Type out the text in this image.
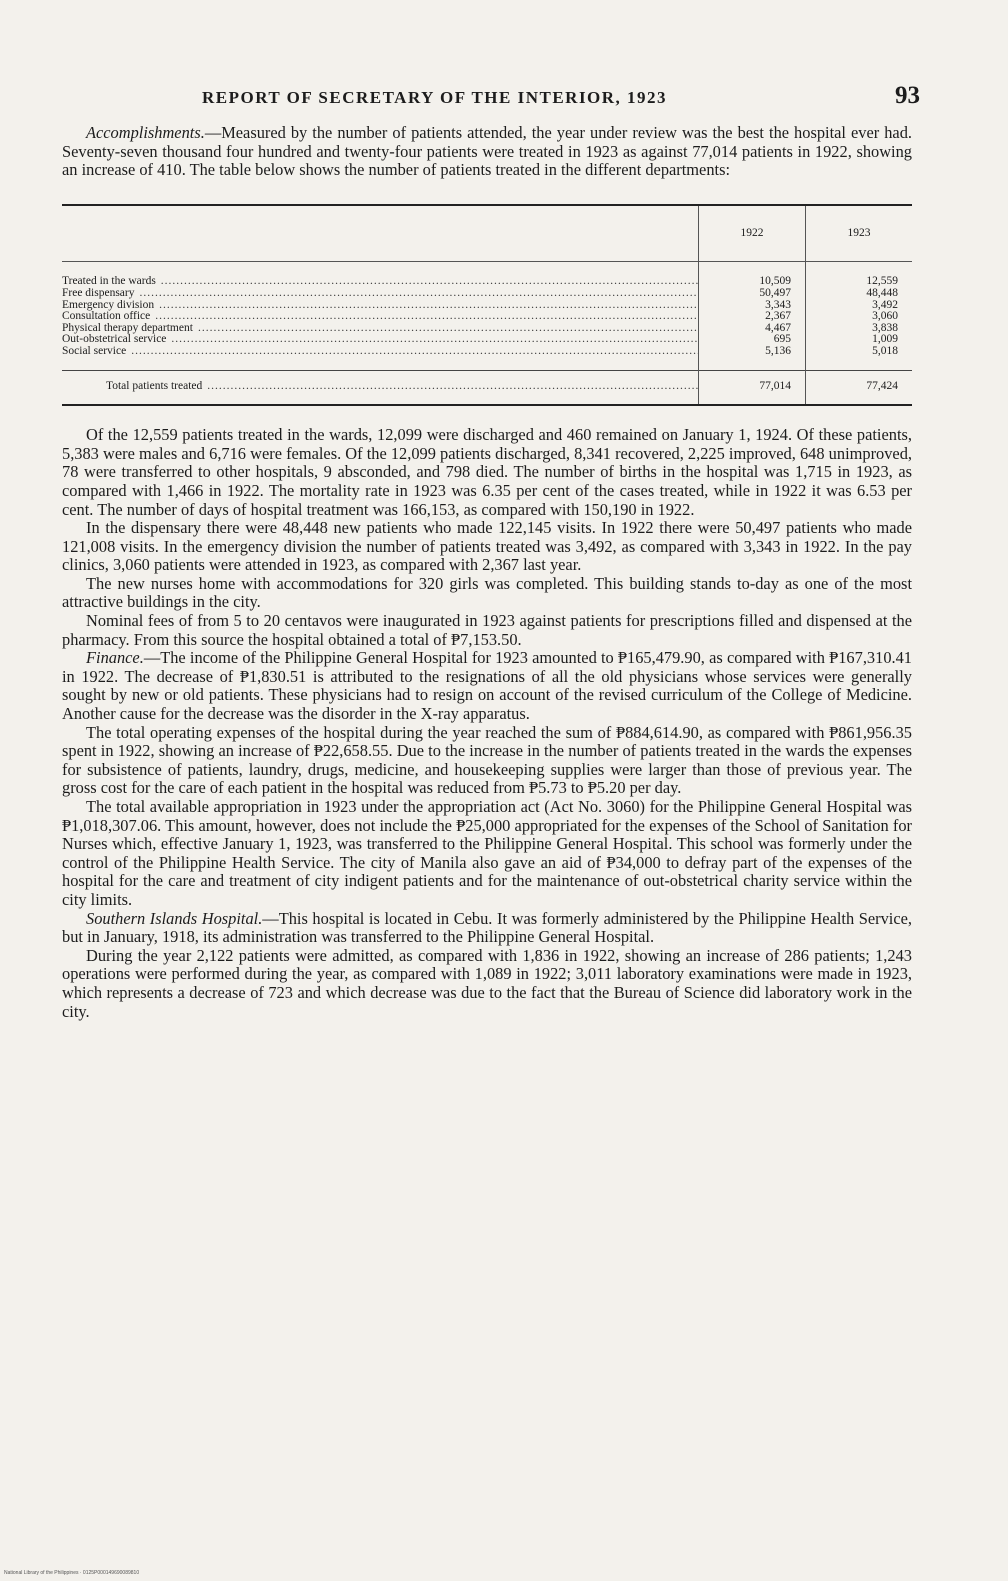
REPORT OF SECRETARY OF THE INTERIOR, 1923	93

Accomplishments.—Measured by the number of patients attended, the year under review was the best the hospital ever had. Seventy-seven thousand four hundred and twenty-four patients were treated in 1923 as against 77,014 patients in 1922, showing an increase of 410. The table below shows the number of patients treated in the different departments:

	1922	1923

Treated in the wards .....	10,509	12,559

Free dispensary .....	50,497	48,448

Emergency division .....	3,343	3,492

Consultation office .....	2,367	3,060

Physical therapy department .....	4,467	3,838

Out-obstetrical service .....	695	1,009

Social service .....	5,136	5,018

Total patients treated .....	77,014	77,424

Of the 12,559 patients treated in the wards, 12,099 were discharged and 460 remained on January 1, 1924. Of these patients, 5,383 were males and 6,716 were females. Of the 12,099 patients discharged, 8,341 recovered, 2,225 improved, 648 unimproved, 78 were transferred to other hospitals, 9 absconded, and 798 died. The number of births in the hospital was 1,715 in 1923, as compared with 1,466 in 1922. The mortality rate in 1923 was 6.35 per cent of the cases treated, while in 1922 it was 6.53 per cent. The number of days of hospital treatment was 166,153, as compared with 150,190 in 1922.

In the dispensary there were 48,448 new patients who made 122,145 visits. In 1922 there were 50,497 patients who made 121,008 visits. In the emergency division the number of patients treated was 3,492, as compared with 3,343 in 1922. In the pay clinics, 3,060 patients were attended in 1923, as compared with 2,367 last year.

The new nurses home with accommodations for 320 girls was completed. This building stands to-day as one of the most attractive buildings in the city.

Nominal fees of from 5 to 20 centavos were inaugurated in 1923 against patients for prescriptions filled and dispensed at the pharmacy. From this source the hospital obtained a total of ₱7,153.50.

Finance.—The income of the Philippine General Hospital for 1923 amounted to ₱165,479.90, as compared with ₱167,310.41 in 1922. The decrease of ₱1,830.51 is attributed to the resignations of all the old physicians whose services were generally sought by new or old patients. These physicians had to resign on account of the revised curriculum of the College of Medicine. Another cause for the decrease was the disorder in the X-ray apparatus.

The total operating expenses of the hospital during the year reached the sum of ₱884,614.90, as compared with ₱861,956.35 spent in 1922, showing an increase of ₱22,658.55. Due to the increase in the number of patients treated in the wards the expenses for subsistence of patients, laundry, drugs, medicine, and housekeeping supplies were larger than those of previous year. The gross cost for the care of each patient in the hospital was reduced from ₱5.73 to ₱5.20 per day.

The total available appropriation in 1923 under the appropriation act (Act No. 3060) for the Philippine General Hospital was ₱1,018,307.06. This amount, however, does not include the ₱25,000 appropriated for the expenses of the School of Sanitation for Nurses which, effective January 1, 1923, was transferred to the Philippine General Hospital. This school was formerly under the control of the Philippine Health Service. The city of Manila also gave an aid of ₱34,000 to defray part of the expenses of the hospital for the care and treatment of city indigent patients and for the maintenance of out-obstetrical charity service within the city limits.

Southern Islands Hospital.—This hospital is located in Cebu. It was formerly administered by the Philippine Health Service, but in January, 1918, its administration was transferred to the Philippine General Hospital.

During the year 2,122 patients were admitted, as compared with 1,836 in 1922, showing an increase of 286 patients; 1,243 operations were performed during the year, as compared with 1,089 in 1922; 3,011 laboratory examinations were made in 1923, which represents a decrease of 723 and which decrease was due to the fact that the Bureau of Science did laboratory work in the city.

National Library of the Philippines · 0125P000149690089810
